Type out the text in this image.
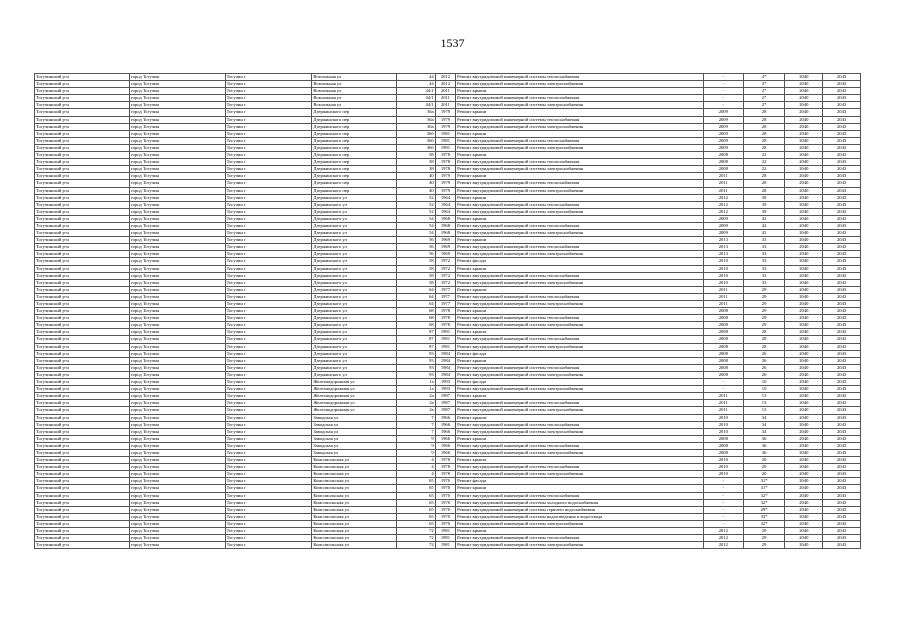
1537
Тогучинский р-н	город Тогучин	Тогучин г	Вокзальная ул	44	2012	Ремонт внутридомовой инженерной системы теплоснабжения	-	4*	2040	2043
Тогучинский р-н	город Тогучин	Тогучин г	Вокзальная ул	44	2012	Ремонт внутридомовой инженерной системы электроснабжения	-	3*	2040	2043
Тогучинский р-н	город Тогучин	Тогучин г	Вокзальная ул	44/1	2011	Ремонт крыши	-	2*	2040	2043
Тогучинский р-н	город Тогучин	Тогучин г	Вокзальная ул	44/1	2011	Ремонт внутридомовой инженерной системы теплоснабжения	-	2*	2040	2043
Тогучинский р-н	город Тогучин	Тогучин г	Вокзальная ул	44/1	2011	Ремонт внутридомовой инженерной системы электроснабжения	-	2*	2040	2043
Тогучинский р-н	город Тогучин	Тогучин г	Дзержинского пер	36а	1979	Ремонт крыши	2009	28	2040	2043
Тогучинский р-н	город Тогучин	Тогучин г	Дзержинского пер	36а	1979	Ремонт внутридомовой инженерной системы теплоснабжения	2009	28	2040	2043
Тогучинский р-н	город Тогучин	Тогучин г	Дзержинского пер	36а	1979	Ремонт внутридомовой инженерной системы электроснабжения	2009	28	2040	2043
Тогучинский р-н	город Тогучин	Тогучин г	Дзержинского пер	36б	1981	Ремонт крыши	2009	28	2040	2043
Тогучинский р-н	город Тогучин	Тогучин г	Дзержинского пер	36б	1981	Ремонт внутридомовой инженерной системы теплоснабжения	2009	28	2040	2043
Тогучинский р-н	город Тогучин	Тогучин г	Дзержинского пер	36б	1981	Ремонт внутридомовой инженерной системы электроснабжения	2009	28	2040	2043
Тогучинский р-н	город Тогучин	Тогучин г	Дзержинского пер	38	1978	Ремонт крыши	2008	22	2040	2043
Тогучинский р-н	город Тогучин	Тогучин г	Дзержинского пер	38	1978	Ремонт внутридомовой инженерной системы теплоснабжения	2008	22	2040	2043
Тогучинский р-н	город Тогучин	Тогучин г	Дзержинского пер	38	1978	Ремонт внутридомовой инженерной системы электроснабжения	2008	22	2040	2043
Тогучинский р-н	город Тогучин	Тогучин г	Дзержинского пер	40	1979	Ремонт крыши	2011	28	2040	2043
Тогучинский р-н	город Тогучин	Тогучин г	Дзержинского пер	40	1979	Ремонт внутридомовой инженерной системы теплоснабжения	2011	28	2040	2043
Тогучинский р-н	город Тогучин	Тогучин г	Дзержинского пер	40	1979	Ремонт внутридомовой инженерной системы электроснабжения	2011	28	2040	2043
Тогучинский р-н	город Тогучин	Тогучин г	Дзержинского ул	52	1964	Ремонт крыши	2012	39	2040	2043
Тогучинский р-н	город Тогучин	Тогучин г	Дзержинского ул	52	1964	Ремонт внутридомовой инженерной системы теплоснабжения	2012	39	2040	2043
Тогучинский р-н	город Тогучин	Тогучин г	Дзержинского ул	52	1964	Ремонт внутридомовой инженерной системы электроснабжения	2012	39	2040	2043
Тогучинский р-н	город Тогучин	Тогучин г	Дзержинского ул	54	1968	Ремонт крыши	2009	42	2040	2043
Тогучинский р-н	город Тогучин	Тогучин г	Дзержинского ул	54	1968	Ремонт внутридомовой инженерной системы теплоснабжения	2009	42	2040	2043
Тогучинский р-н	город Тогучин	Тогучин г	Дзержинского ул	54	1968	Ремонт внутридомовой инженерной системы электроснабжения	2009	42	2040	2043
Тогучинский р-н	город Тогучин	Тогучин г	Дзержинского ул	56	1969	Ремонт крыши	2013	33	2040	2043
Тогучинский р-н	город Тогучин	Тогучин г	Дзержинского ул	56	1969	Ремонт внутридомовой инженерной системы теплоснабжения	2013	33	2040	2043
Тогучинский р-н	город Тогучин	Тогучин г	Дзержинского ул	56	1969	Ремонт внутридомовой инженерной системы электроснабжения	2013	33	2040	2043
Тогучинский р-н	город Тогучин	Тогучин г	Дзержинского ул	58	1972	Ремонт фасада	2010	33	2040	2043
Тогучинский р-н	город Тогучин	Тогучин г	Дзержинского ул	58	1972	Ремонт крыши	2010	33	2040	2043
Тогучинский р-н	город Тогучин	Тогучин г	Дзержинского ул	58	1972	Ремонт внутридомовой инженерной системы теплоснабжения	2010	33	2040	2043
Тогучинский р-н	город Тогучин	Тогучин г	Дзержинского ул	58	1972	Ремонт внутридомовой инженерной системы электроснабжения	2010	33	2040	2043
Тогучинский р-н	город Тогучин	Тогучин г	Дзержинского ул	64	1977	Ремонт крыши	2011	29	2040	2043
Тогучинский р-н	город Тогучин	Тогучин г	Дзержинского ул	64	1977	Ремонт внутридомовой инженерной системы теплоснабжения	2011	29	2040	2043
Тогучинский р-н	город Тогучин	Тогучин г	Дзержинского ул	64	1977	Ремонт внутридомовой инженерной системы электроснабжения	2011	29	2040	2043
Тогучинский р-н	город Тогучин	Тогучин г	Дзержинского ул	68	1978	Ремонт крыши	2008	29	2040	2043
Тогучинский р-н	город Тогучин	Тогучин г	Дзержинского ул	68	1978	Ремонт внутридомовой инженерной системы теплоснабжения	2008	29	2040	2043
Тогучинский р-н	город Тогучин	Тогучин г	Дзержинского ул	68	1978	Ремонт внутридомовой инженерной системы электроснабжения	2008	29	2040	2043
Тогучинский р-н	город Тогучин	Тогучин г	Дзержинского ул	87	1981	Ремонт крыши	2008	28	2040	2043
Тогучинский р-н	город Тогучин	Тогучин г	Дзержинского ул	87	1981	Ремонт внутридомовой инженерной системы теплоснабжения	2008	28	2040	2043
Тогучинский р-н	город Тогучин	Тогучин г	Дзержинского ул	87	1981	Ремонт внутридомовой инженерной системы электроснабжения	2008	28	2040	2043
Тогучинский р-н	город Тогучин	Тогучин г	Дзержинского ул	93	1984	Ремонт фасада	2008	26	2040	2043
Тогучинский р-н	город Тогучин	Тогучин г	Дзержинского ул	93	1984	Ремонт крыши	2008	26	2040	2043
Тогучинский р-н	город Тогучин	Тогучин г	Дзержинского ул	93	1984	Ремонт внутридомовой инженерной системы теплоснабжения	2008	26	2040	2043
Тогучинский р-н	город Тогучин	Тогучин г	Дзержинского ул	93	1984	Ремонт внутридомовой инженерной системы электроснабжения	2008	26	2040	2043
Тогучинский р-н	город Тогучин	Тогучин г	Железнодорожная ул	1а	1993	Ремонт фасада	-	10	2040	2043
Тогучинский р-н	город Тогучин	Тогучин г	Железнодорожная ул	1а	1993	Ремонт внутридомовой инженерной системы электроснабжения	-	10	2040	2043
Тогучинский р-н	город Тогучин	Тогучин г	Железнодорожная ул	2а	1987	Ремонт крыши	2011	13	2040	2043
Тогучинский р-н	город Тогучин	Тогучин г	Железнодорожная ул	2а	1987	Ремонт внутридомовой инженерной системы теплоснабжения	2011	13	2040	2043
Тогучинский р-н	город Тогучин	Тогучин г	Железнодорожная ул	2а	1987	Ремонт внутридомовой инженерной системы электроснабжения	2011	13	2040	2043
Тогучинский р-н	город Тогучин	Тогучин г	Заводская ул	7	1966	Ремонт крыши	2010	34	2040	2043
Тогучинский р-н	город Тогучин	Тогучин г	Заводская ул	7	1966	Ремонт внутридомовой инженерной системы теплоснабжения	2010	34	2040	2043
Тогучинский р-н	город Тогучин	Тогучин г	Заводская ул	7	1966	Ремонт внутридомовой инженерной системы электроснабжения	2010	34	2040	2043
Тогучинский р-н	город Тогучин	Тогучин г	Заводская ул	9	1966	Ремонт крыши	2008	36	2040	2043
Тогучинский р-н	город Тогучин	Тогучин г	Заводская ул	9	1966	Ремонт внутридомовой инженерной системы теплоснабжения	2008	36	2040	2043
Тогучинский р-н	город Тогучин	Тогучин г	Заводская ул	9	1966	Ремонт внутридомовой инженерной системы электроснабжения	2008	36	2040	2043
Тогучинский р-н	город Тогучин	Тогучин г	Комсомольская ул	4	1978	Ремонт крыши	2010	20	2040	2043
Тогучинский р-н	город Тогучин	Тогучин г	Комсомольская ул	4	1978	Ремонт внутридомовой инженерной системы теплоснабжения	2010	20	2040	2043
Тогучинский р-н	город Тогучин	Тогучин г	Комсомольская ул	4	1978	Ремонт внутридомовой инженерной системы электроснабжения	2010	20	2040	2043
Тогучинский р-н	город Тогучин	Тогучин г	Комсомольская ул	65	1970	Ремонт фасада	-	31*	2040	2043
Тогучинский р-н	город Тогучин	Тогучин г	Комсомольская ул	65	1970	Ремонт крыши	-	31*	2040	2043
Тогучинский р-н	город Тогучин	Тогучин г	Комсомольская ул	65	1970	Ремонт внутридомовой инженерной системы теплоснабжения	-	32*	2040	2043
Тогучинский р-н	город Тогучин	Тогучин г	Комсомольская ул	65	1970	Ремонт внутридомовой инженерной системы холодного водоснабжения	-	32*	2040	2043
Тогучинский р-н	город Тогучин	Тогучин г	Комсомольская ул	65	1970	Ремонт внутридомовой инженерной системы горячего водоснабжения	-	29*	2040	2043
Тогучинский р-н	город Тогучин	Тогучин г	Комсомольская ул	65	1970	Ремонт внутридомовой инженерной системы водоотведения и водоотвода	-	33*	2040	2043
Тогучинский р-н	город Тогучин	Тогучин г	Комсомольская ул	65	1970	Ремонт внутридомовой инженерной системы электроснабжения	-	32*	2040	2043
Тогучинский р-н	город Тогучин	Тогучин г	Комсомольская ул	72	1981	Ремонт крыши	2012	29	2040	2043
Тогучинский р-н	город Тогучин	Тогучин г	Комсомольская ул	72	1981	Ремонт внутридомовой инженерной системы теплоснабжения	2012	29	2040	2043
Тогучинский р-н	город Тогучин	Тогучин г	Комсомольская ул	72	1981	Ремонт внутридомовой инженерной системы электроснабжения	2012	29	2040	2043
